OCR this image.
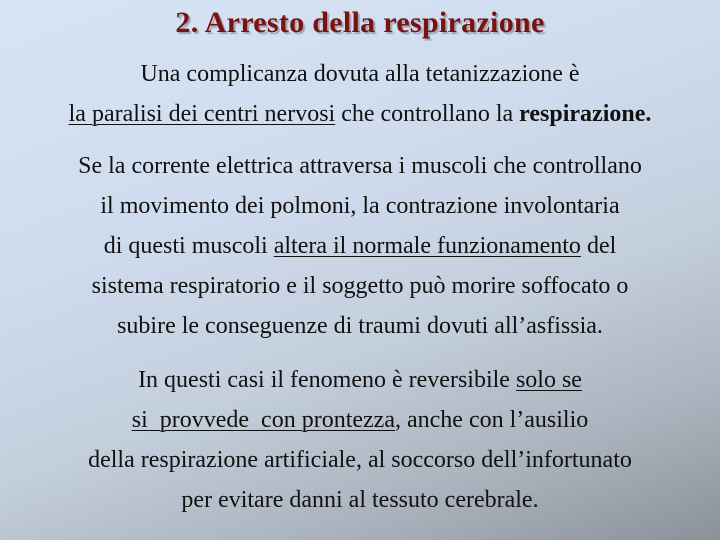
2. Arresto della respirazione
Una complicanza dovuta alla tetanizzazione è
la paralisi dei centri nervosi che controllano la respirazione.
Se la corrente elettrica attraversa i muscoli che controllano
il movimento dei polmoni, la contrazione involontaria
di questi muscoli altera il normale funzionamento del
sistema respiratorio e il soggetto può morire soffocato o
subire le conseguenze di traumi dovuti all’asfissia.
In questi casi il fenomeno è reversibile solo se
si  provvede  con prontezza, anche con l’ausilio
della respirazione artificiale, al soccorso dell’infortunato
per evitare danni al tessuto cerebrale.
